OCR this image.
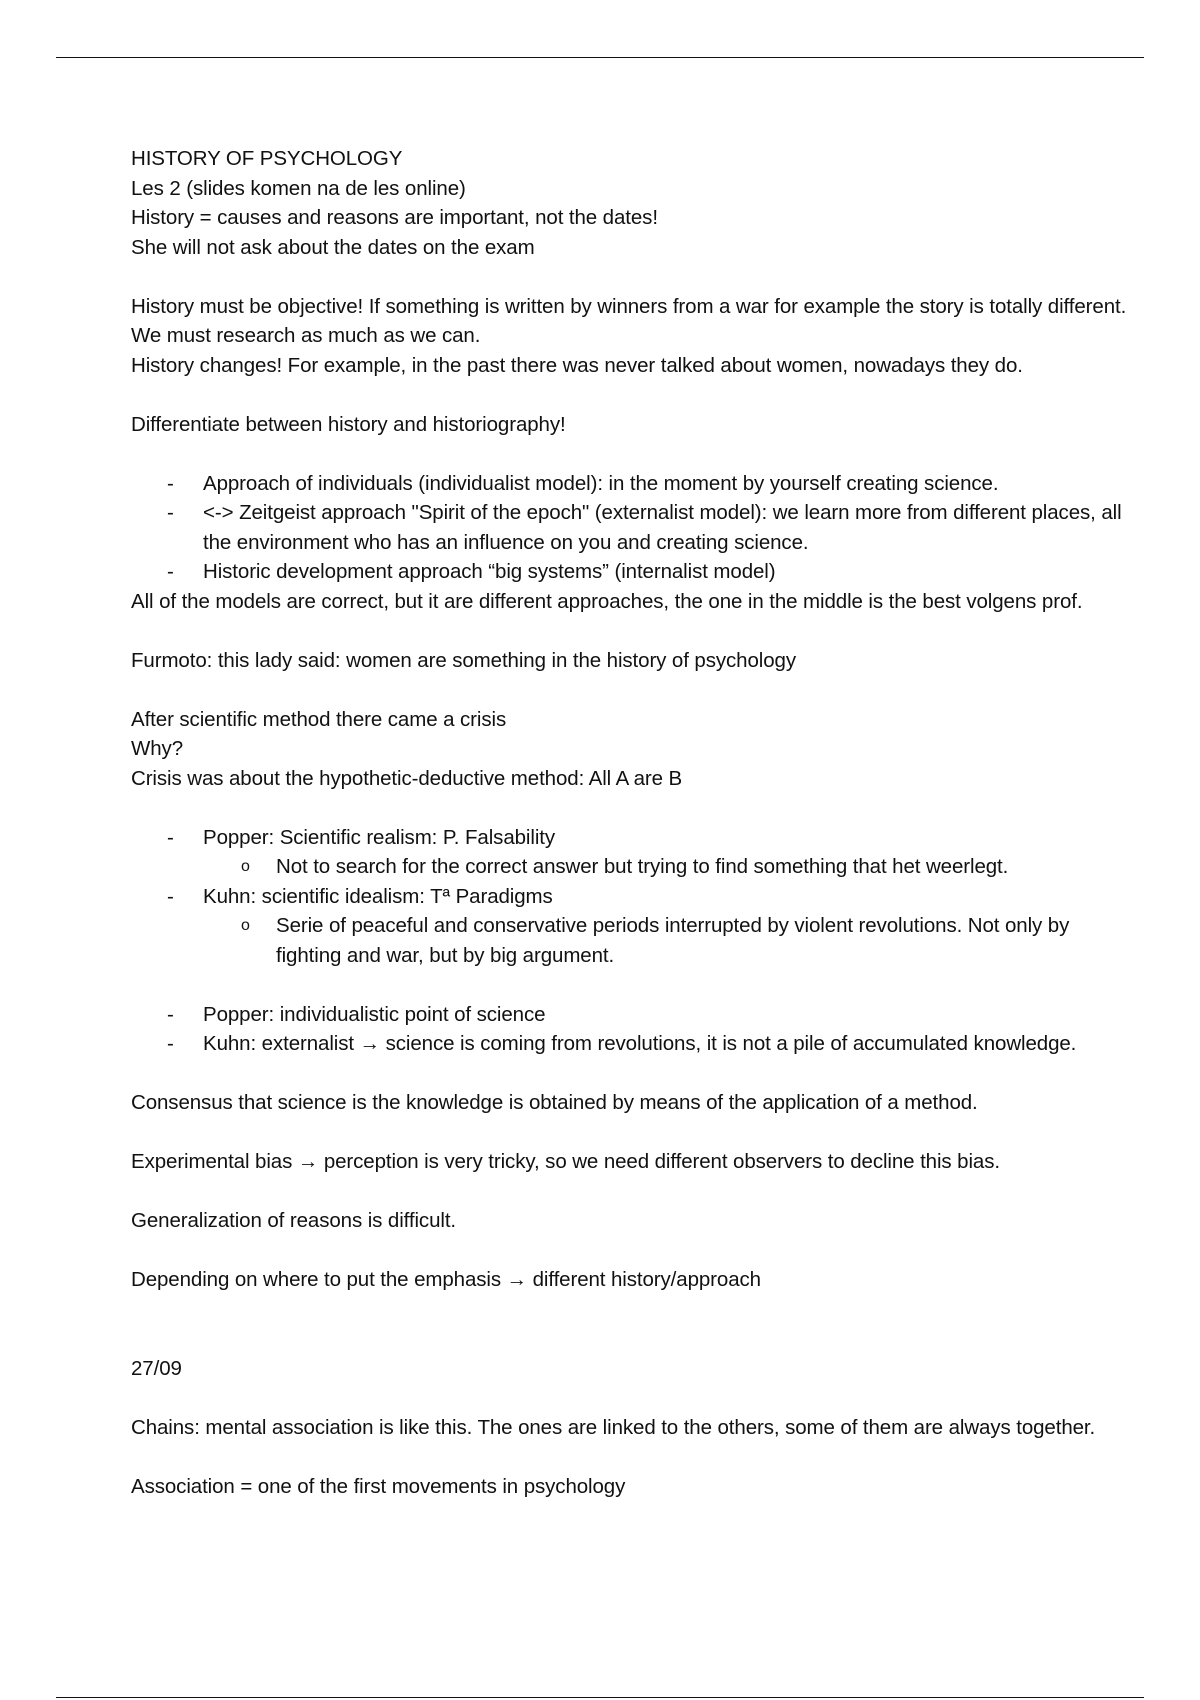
HISTORY OF PSYCHOLOGY

Les 2 (slides komen na de les online)

History = causes and reasons are important, not the dates!

She will not ask about the dates on the exam

History must be objective! If something is written by winners from a war for example the story is totally different. We must research as much as we can.

History changes! For example, in the past there was never talked about women, nowadays they do.

Differentiate between history and historiography!

- Approach of individuals (individualist model): in the moment by yourself creating science.

- <-> Zeitgeist approach "Spirit of the epoch" (externalist model): we learn more from different places, all the environment who has an influence on you and creating science.

- Historic development approach “big systems” (internalist model)

All of the models are correct, but it are different approaches, the one in the middle is the best volgens prof.

Furmoto: this lady said: women are something in the history of psychology

After scientific method there came a crisis

Why?

Crisis was about the hypothetic-deductive method: All A are B

- Popper: Scientific realism: P. Falsability

o Not to search for the correct answer but trying to find something that het weerlegt.

- Kuhn: scientific idealism: Tª Paradigms

o Serie of peaceful and conservative periods interrupted by violent revolutions. Not only by fighting and war, but by big argument.

- Popper: individualistic point of science

- Kuhn: externalist → science is coming from revolutions, it is not a pile of accumulated knowledge.

Consensus that science is the knowledge is obtained by means of the application of a method.

Experimental bias → perception is very tricky, so we need different observers to decline this bias.

Generalization of reasons is difficult.

Depending on where to put the emphasis → different history/approach

27/09

Chains: mental association is like this. The ones are linked to the others, some of them are always together.

Association = one of the first movements in psychology
